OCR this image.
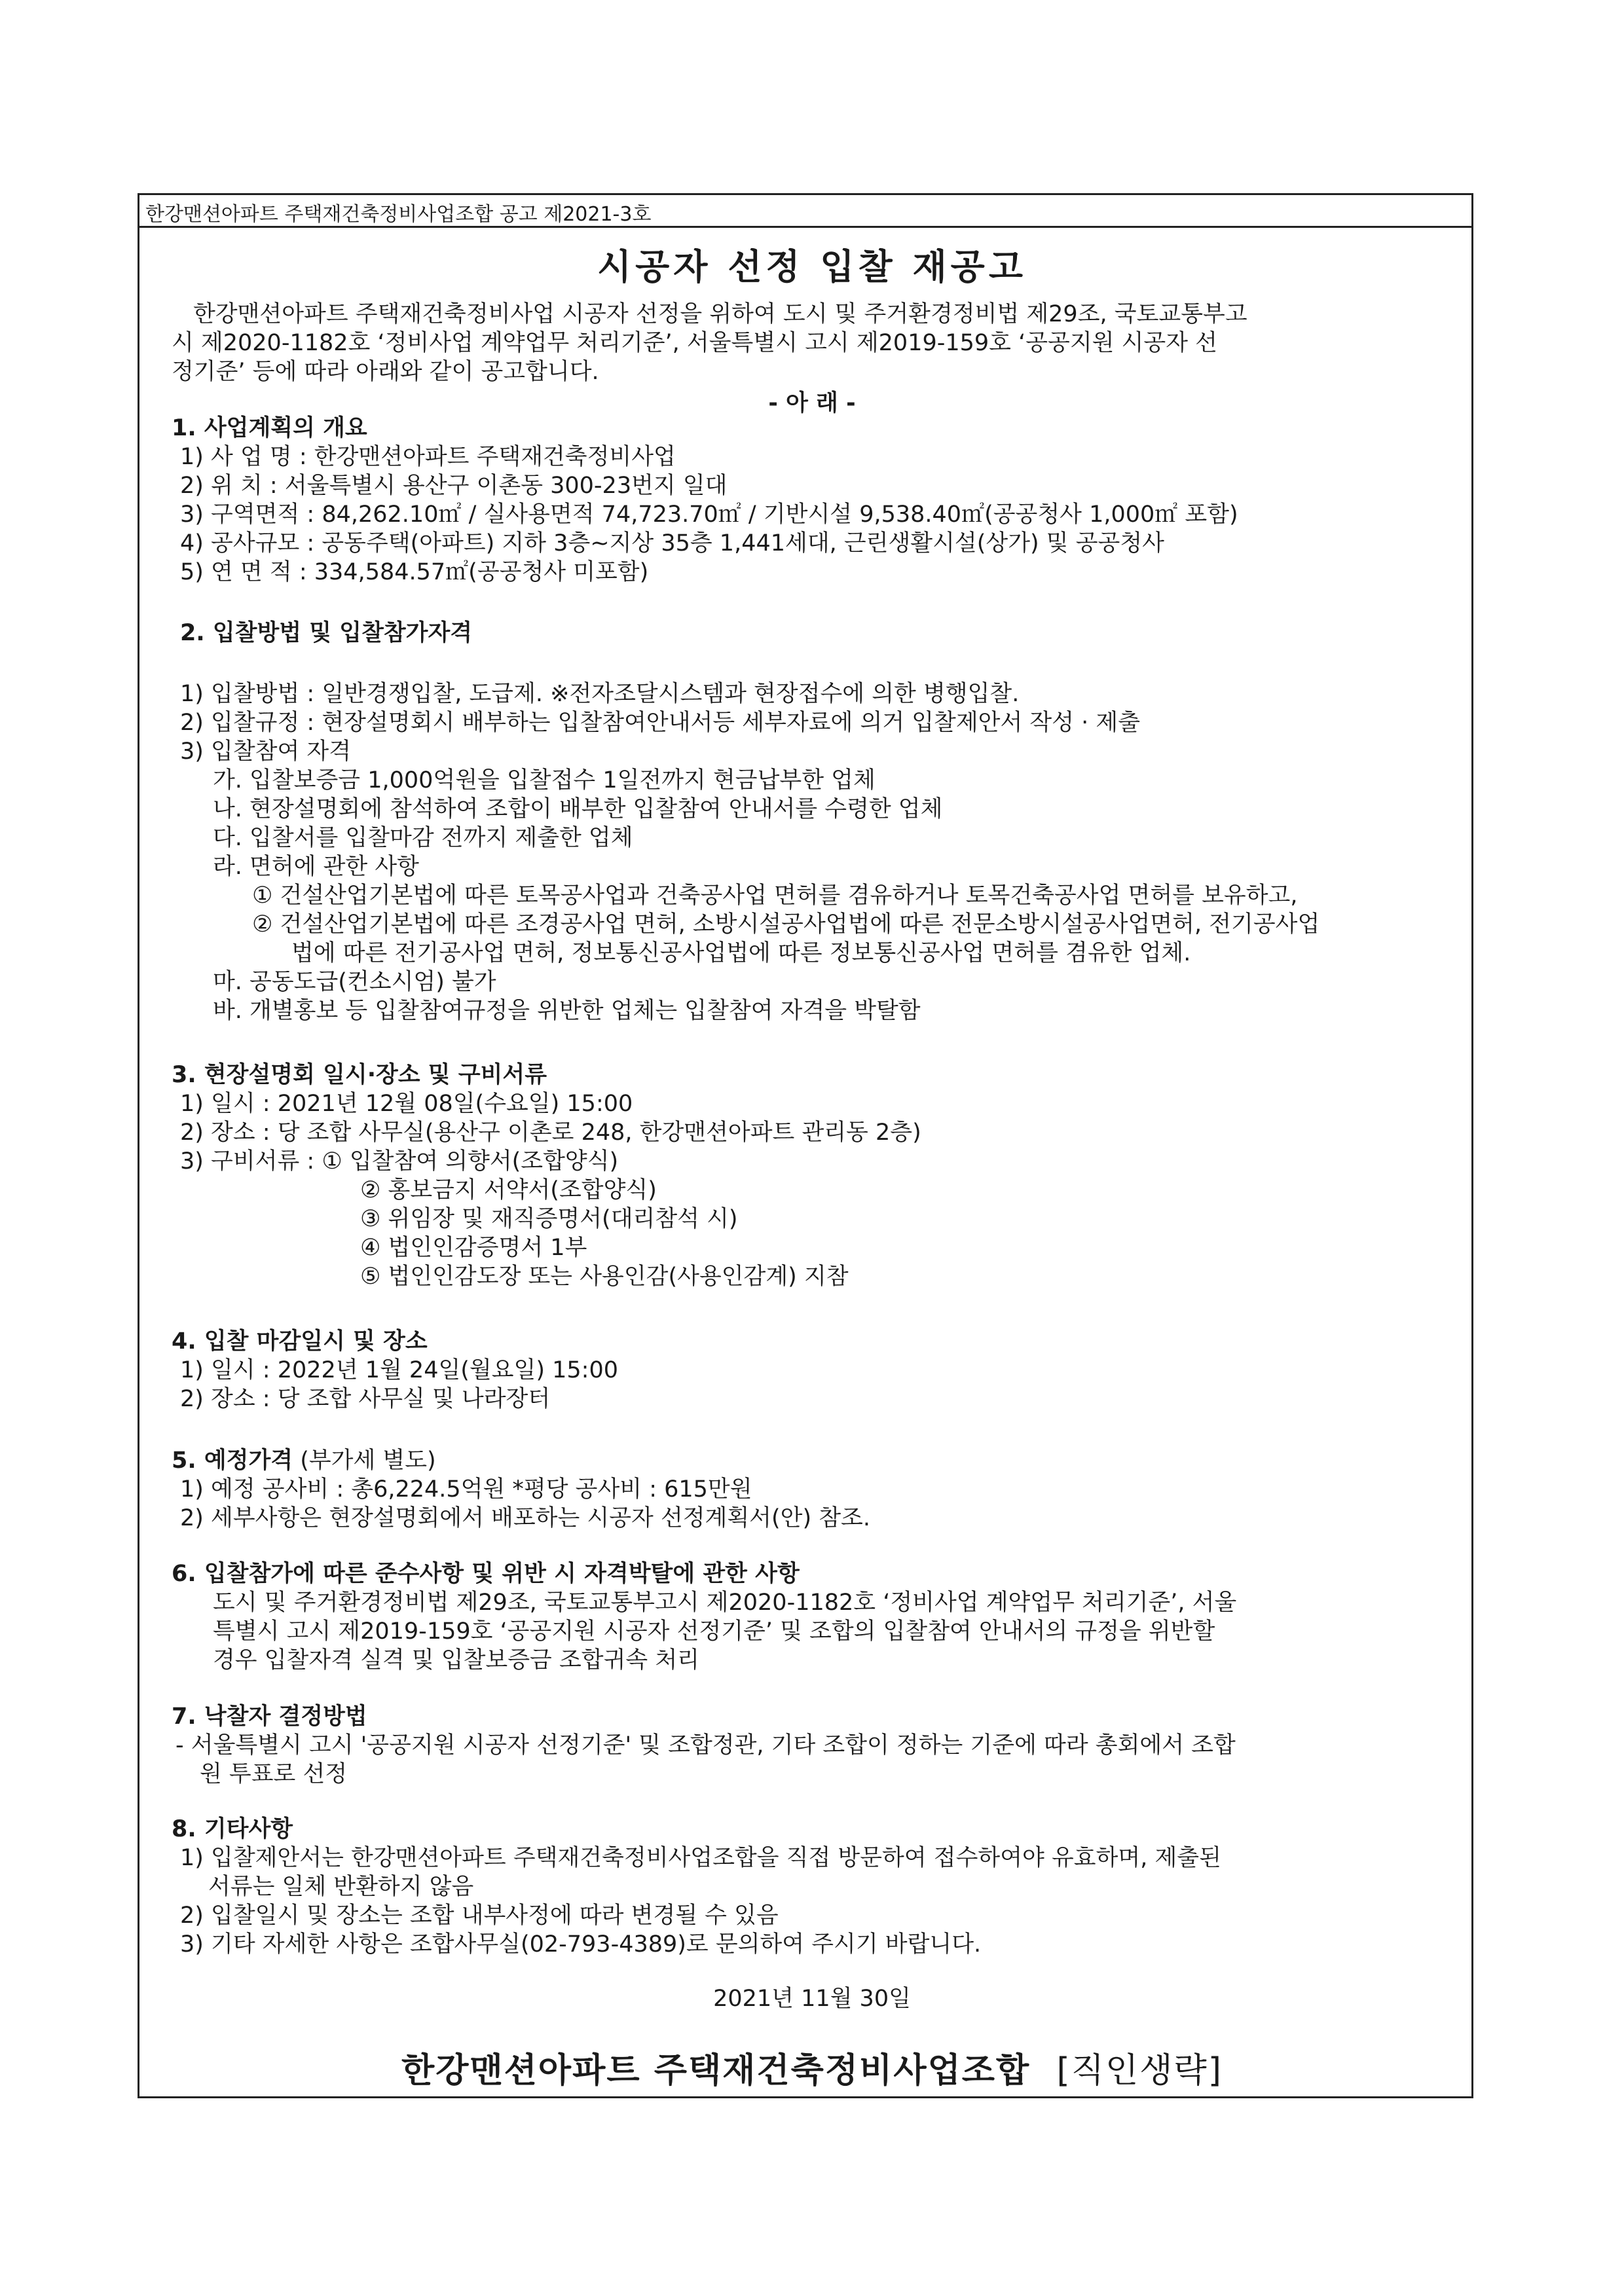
한강맨션아파트 주택재건축정비사업조합 공고 제2021-3호
시공자 선정 입찰 재공고
한강맨션아파트 주택재건축정비사업 시공자 선정을 위하여 도시 및 주거환경정비법 제29조, 국토교통부고
시 제2020-1182호 ‘정비사업 계약업무 처리기준’, 서울특별시 고시 제2019-159호 ‘공공지원 시공자 선
정기준’ 등에 따라 아래와 같이 공고합니다.
- 아 래 -
1. 사업계획의 개요
1) 사 업 명 : 한강맨션아파트 주택재건축정비사업
2) 위 치 : 서울특별시 용산구 이촌동 300-23번지 일대
3) 구역면적 : 84,262.10㎡ / 실사용면적 74,723.70㎡ / 기반시설 9,538.40㎡(공공청사 1,000㎡ 포함)
4) 공사규모 : 공동주택(아파트) 지하 3층~지상 35층 1,441세대, 근린생활시설(상가) 및 공공청사
5) 연 면 적 : 334,584.57㎡(공공청사 미포함)
2. 입찰방법 및 입찰참가자격
1) 입찰방법 : 일반경쟁입찰, 도급제. ※전자조달시스템과 현장접수에 의한 병행입찰.
2) 입찰규정 : 현장설명회시 배부하는 입찰참여안내서등 세부자료에 의거 입찰제안서 작성 · 제출
3) 입찰참여 자격
가. 입찰보증금 1,000억원을 입찰접수 1일전까지 현금납부한 업체
나. 현장설명회에 참석하여 조합이 배부한 입찰참여 안내서를 수령한 업체
다. 입찰서를 입찰마감 전까지 제출한 업체
라. 면허에 관한 사항
① 건설산업기본법에 따른 토목공사업과 건축공사업 면허를 겸유하거나 토목건축공사업 면허를 보유하고,
② 건설산업기본법에 따른 조경공사업 면허, 소방시설공사업법에 따른 전문소방시설공사업면허, 전기공사업
법에 따른 전기공사업 면허, 정보통신공사업법에 따른 정보통신공사업 면허를 겸유한 업체.
마. 공동도급(컨소시엄) 불가
바. 개별홍보 등 입찰참여규정을 위반한 업체는 입찰참여 자격을 박탈함
3. 현장설명회 일시·장소 및 구비서류
1) 일시 : 2021년 12월 08일(수요일) 15:00
2) 장소 : 당 조합 사무실(용산구 이촌로 248, 한강맨션아파트 관리동 2층)
3) 구비서류 : ① 입찰참여 의향서(조합양식)
② 홍보금지 서약서(조합양식)
③ 위임장 및 재직증명서(대리참석 시)
④ 법인인감증명서 1부
⑤ 법인인감도장 또는 사용인감(사용인감계) 지참
4. 입찰 마감일시 및 장소
1) 일시 : 2022년 1월 24일(월요일) 15:00
2) 장소 : 당 조합 사무실 및 나라장터
5. 예정가격 (부가세 별도)
1) 예정 공사비 : 총6,224.5억원 *평당 공사비 : 615만원
2) 세부사항은 현장설명회에서 배포하는 시공자 선정계획서(안) 참조.
6. 입찰참가에 따른 준수사항 및 위반 시 자격박탈에 관한 사항
도시 및 주거환경정비법 제29조, 국토교통부고시 제2020-1182호 ‘정비사업 계약업무 처리기준’, 서울
특별시 고시 제2019-159호 ‘공공지원 시공자 선정기준’ 및 조합의 입찰참여 안내서의 규정을 위반할
경우 입찰자격 실격 및 입찰보증금 조합귀속 처리
7. 낙찰자 결정방법
- 서울특별시 고시 '공공지원 시공자 선정기준' 및 조합정관, 기타 조합이 정하는 기준에 따라 총회에서 조합
원 투표로 선정
8. 기타사항
1) 입찰제안서는 한강맨션아파트 주택재건축정비사업조합을 직접 방문하여 접수하여야 유효하며, 제출된
서류는 일체 반환하지 않음
2) 입찰일시 및 장소는 조합 내부사정에 따라 변경될 수 있음
3) 기타 자세한 사항은 조합사무실(02-793-4389)로 문의하여 주시기 바랍니다.
2021년 11월 30일
한강맨션아파트 주택재건축정비사업조합 [직인생략]
